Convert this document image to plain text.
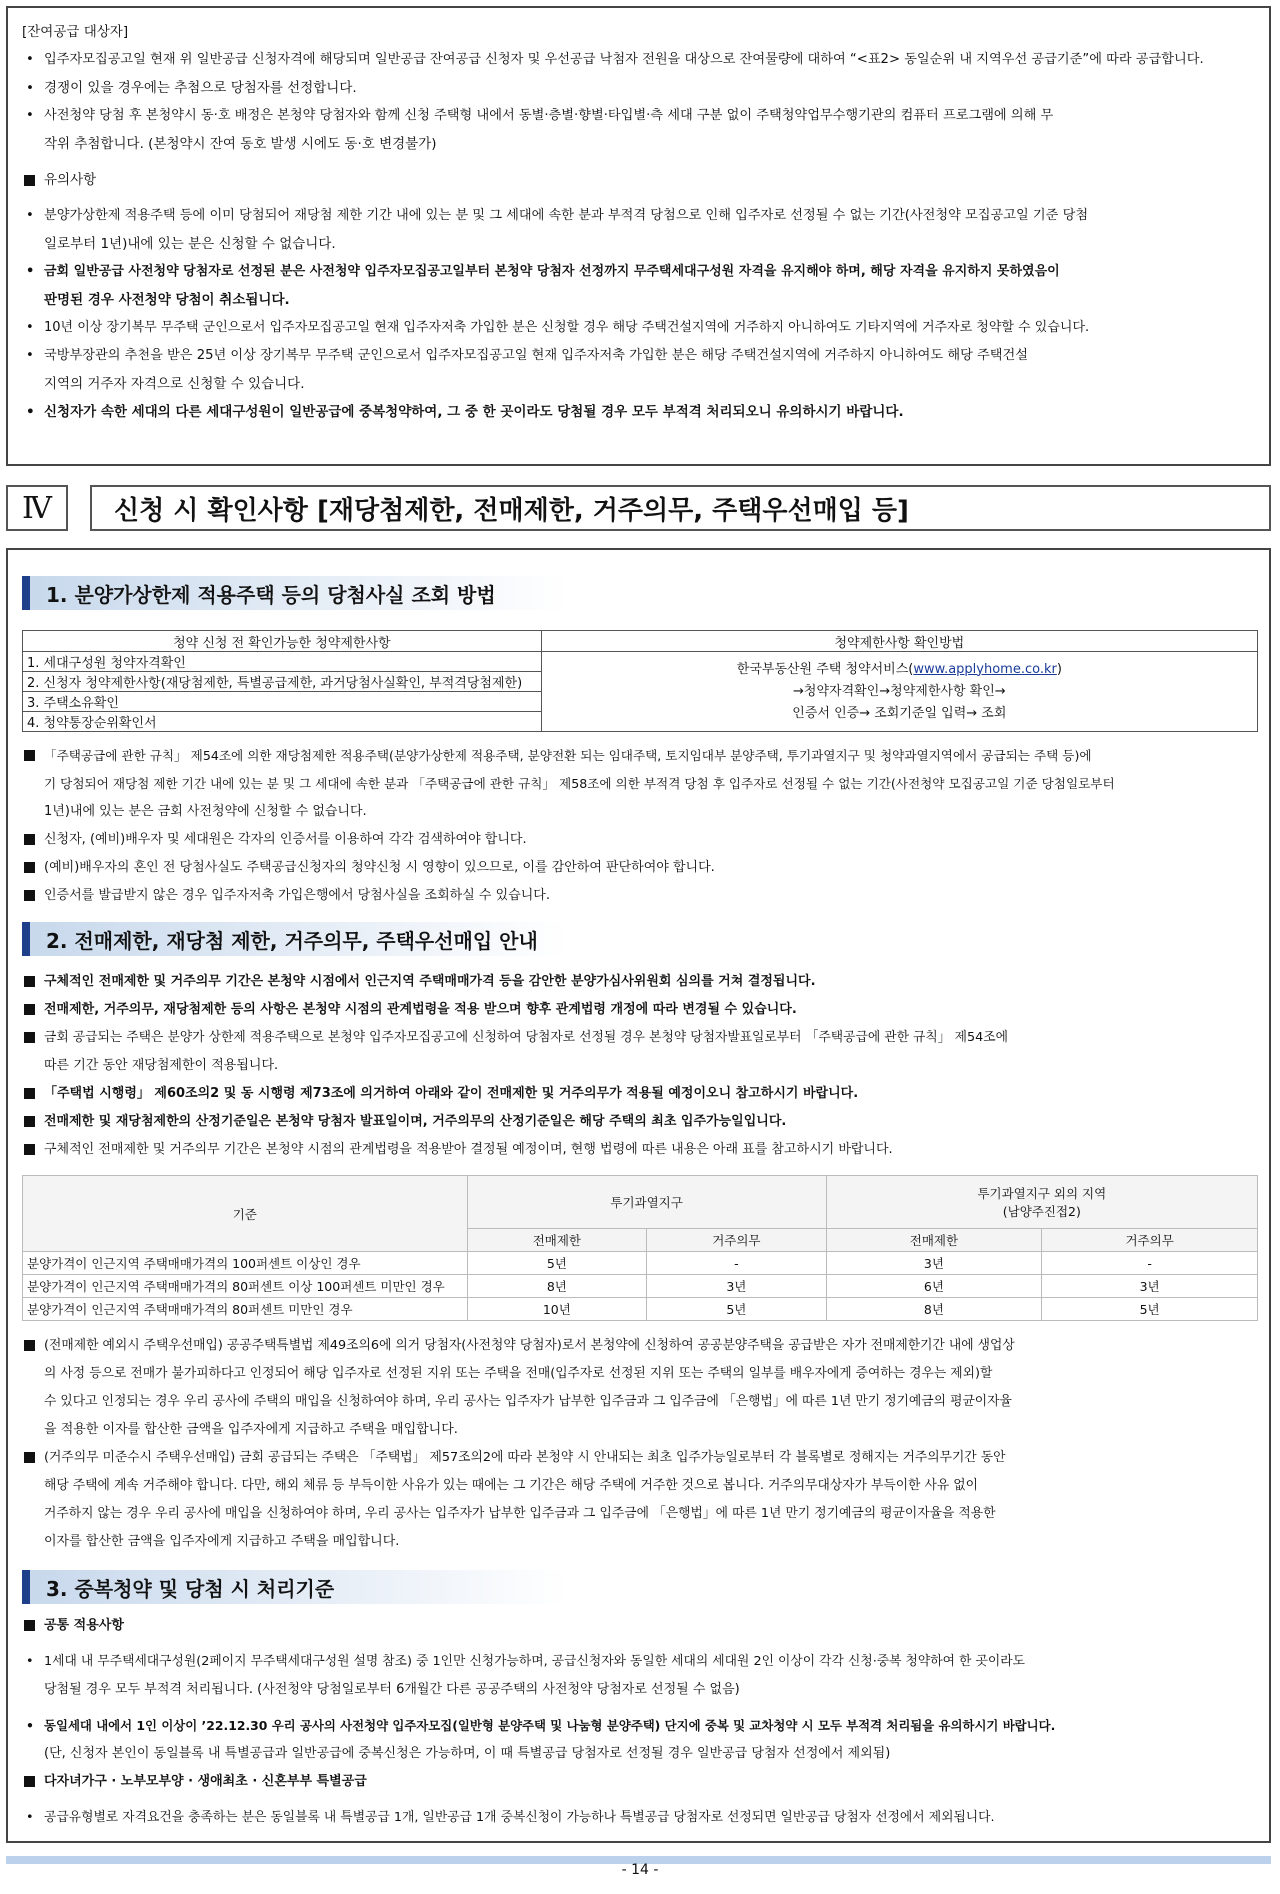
[잔여공급 대상자]
• 입주자모집공고일 현재 위 일반공급 신청자격에 해당되며 일반공급 잔여공급 신청자 및 우선공급 낙첨자 전원을 대상으로 잔여물량에 대하여 “<표2> 동일순위 내 지역우선 공급기준”에 따라 공급합니다.
• 경쟁이 있을 경우에는 추첨으로 당첨자를 선정합니다.
• 사전청약 당첨 후 본청약시 동·호 배정은 본청약 당첨자와 함께 신청 주택형 내에서 동별·층별·향별·타입별·측 세대 구분 없이 주택청약업무수행기관의 컴퓨터 프로그램에 의해 무
작위 추첨합니다. (본청약시 잔여 동호 발생 시에도 동·호 변경불가)
유의사항
• 분양가상한제 적용주택 등에 이미 당첨되어 재당첨 제한 기간 내에 있는 분 및 그 세대에 속한 분과 부적격 당첨으로 인해 입주자로 선정될 수 없는 기간(사전청약 모집공고일 기준 당첨
일로부터 1년)내에 있는 분은 신청할 수 없습니다.
• 금회 일반공급 사전청약 당첨자로 선정된 분은 사전청약 입주자모집공고일부터 본청약 당첨자 선정까지 무주택세대구성원 자격을 유지해야 하며, 해당 자격을 유지하지 못하였음이
판명된 경우 사전청약 당첨이 취소됩니다.
• 10년 이상 장기복무 무주택 군인으로서 입주자모집공고일 현재 입주자저축 가입한 분은 신청할 경우 해당 주택건설지역에 거주하지 아니하여도 기타지역에 거주자로 청약할 수 있습니다.
• 국방부장관의 추천을 받은 25년 이상 장기복무 무주택 군인으로서 입주자모집공고일 현재 입주자저축 가입한 분은 해당 주택건설지역에 거주하지 아니하여도 해당 주택건설
지역의 거주자 자격으로 신청할 수 있습니다.
• 신청자가 속한 세대의 다른 세대구성원이 일반공급에 중복청약하여, 그 중 한 곳이라도 당첨될 경우 모두 부적격 처리되오니 유의하시기 바랍니다.
Ⅳ	신청 시 확인사항 [재당첨제한, 전매제한, 거주의무, 주택우선매입 등]
1. 분양가상한제 적용주택 등의 당첨사실 조회 방법
청약 신청 전 확인가능한 청약제한사항	청약제한사항 확인방법
1. 세대구성원 청약자격확인	한국부동산원 주택 청약서비스(www.applyhome.co.kr)
→청약자격확인→청약제한사항 확인→
인증서 인증→ 조회기준일 입력→ 조회

2. 신청자 청약제한사항(재당첨제한, 특별공급제한, 과거당첨사실확인, 부적격당첨제한)	
3. 주택소유확인	
4. 청약통장순위확인서	
「주택공급에 관한 규칙」 제54조에 의한 재당첨제한 적용주택(분양가상한제 적용주택, 분양전환 되는 임대주택, 토지임대부 분양주택, 투기과열지구 및 청약과열지역에서 공급되는 주택 등)에
기 당첨되어 재당첨 제한 기간 내에 있는 분 및 그 세대에 속한 분과 「주택공급에 관한 규칙」 제58조에 의한 부적격 당첨 후 입주자로 선정될 수 없는 기간(사전청약 모집공고일 기준 당첨일로부터
1년)내에 있는 분은 금회 사전청약에 신청할 수 없습니다.
신청자, (예비)배우자 및 세대원은 각자의 인증서를 이용하여 각각 검색하여야 합니다.
(예비)배우자의 혼인 전 당첨사실도 주택공급신청자의 청약신청 시 영향이 있으므로, 이를 감안하여 판단하여야 합니다.
인증서를 발급받지 않은 경우 입주자저축 가입은행에서 당첨사실을 조회하실 수 있습니다.
2. 전매제한, 재당첨 제한, 거주의무, 주택우선매입 안내
구체적인 전매제한 및 거주의무 기간은 본청약 시점에서 인근지역 주택매매가격 등을 감안한 분양가심사위원회 심의를 거쳐 결정됩니다.
전매제한, 거주의무, 재당첨제한 등의 사항은 본청약 시점의 관계법령을 적용 받으며 향후 관계법령 개정에 따라 변경될 수 있습니다.
금회 공급되는 주택은 분양가 상한제 적용주택으로 본청약 입주자모집공고에 신청하여 당첨자로 선정될 경우 본청약 당첨자발표일로부터 「주택공급에 관한 규칙」 제54조에
따른 기간 동안 재당첨제한이 적용됩니다.
「주택법 시행령」 제60조의2 및 동 시행령 제73조에 의거하여 아래와 같이 전매제한 및 거주의무가 적용될 예정이오니 참고하시기 바랍니다.
전매제한 및 재당첨제한의 산정기준일은 본청약 당첨자 발표일이며, 거주의무의 산정기준일은 해당 주택의 최초 입주가능일입니다.
구체적인 전매제한 및 거주의무 기간은 본청약 시점의 관계법령을 적용받아 결정될 예정이며, 현행 법령에 따른 내용은 아래 표를 참고하시기 바랍니다.
기준	투기과열지구		투기과열지구 외의 지역
(남양주진접2)	

	전매제한	거주의무	전매제한	거주의무
분양가격이 인근지역 주택매매가격의 100퍼센트 이상인 경우	5년	-	3년	-
분양가격이 인근지역 주택매매가격의 80퍼센트 이상 100퍼센트 미만인 경우	8년	3년	6년	3년
분양가격이 인근지역 주택매매가격의 80퍼센트 미만인 경우	10년	5년	8년	5년
(전매제한 예외시 주택우선매입) 공공주택특별법 제49조의6에 의거 당첨자(사전청약 당첨자)로서 본청약에 신청하여 공공분양주택을 공급받은 자가 전매제한기간 내에 생업상
의 사정 등으로 전매가 불가피하다고 인정되어 해당 입주자로 선정된 지위 또는 주택을 전매(입주자로 선정된 지위 또는 주택의 일부를 배우자에게 증여하는 경우는 제외)할
수 있다고 인정되는 경우 우리 공사에 주택의 매입을 신청하여야 하며, 우리 공사는 입주자가 납부한 입주금과 그 입주금에 「은행법」에 따른 1년 만기 정기예금의 평균이자율
을 적용한 이자를 합산한 금액을 입주자에게 지급하고 주택을 매입합니다.
(거주의무 미준수시 주택우선매입) 금회 공급되는 주택은 「주택법」 제57조의2에 따라 본청약 시 안내되는 최초 입주가능일로부터 각 블록별로 정해지는 거주의무기간 동안
해당 주택에 계속 거주해야 합니다. 다만, 해외 체류 등 부득이한 사유가 있는 때에는 그 기간은 해당 주택에 거주한 것으로 봅니다. 거주의무대상자가 부득이한 사유 없이
거주하지 않는 경우 우리 공사에 매입을 신청하여야 하며, 우리 공사는 입주자가 납부한 입주금과 그 입주금에 「은행법」에 따른 1년 만기 정기예금의 평균이자율을 적용한
이자를 합산한 금액을 입주자에게 지급하고 주택을 매입합니다.
3. 중복청약 및 당첨 시 처리기준
공통 적용사항
• 1세대 내 무주택세대구성원(2페이지 무주택세대구성원 설명 참조) 중 1인만 신청가능하며, 공급신청자와 동일한 세대의 세대원 2인 이상이 각각 신청·중복 청약하여 한 곳이라도
당첨될 경우 모두 부적격 처리됩니다. (사전청약 당첨일로부터 6개월간 다른 공공주택의 사전청약 당첨자로 선정될 수 없음)
• 동일세대 내에서 1인 이상이 ’22.12.30 우리 공사의 사전청약 입주자모집(일반형 분양주택 및 나눔형 분양주택) 단지에 중복 및 교차청약 시 모두 부적격 처리됨을 유의하시기 바랍니다.
(단, 신청자 본인이 동일블록 내 특별공급과 일반공급에 중복신청은 가능하며, 이 때 특별공급 당첨자로 선정될 경우 일반공급 당첨자 선정에서 제외됨)
다자녀가구 · 노부모부양 · 생애최초 · 신혼부부 특별공급
• 공급유형별로 자격요건을 충족하는 분은 동일블록 내 특별공급 1개, 일반공급 1개 중복신청이 가능하나 특별공급 당첨자로 선정되면 일반공급 당첨자 선정에서 제외됩니다.
- 14 -
